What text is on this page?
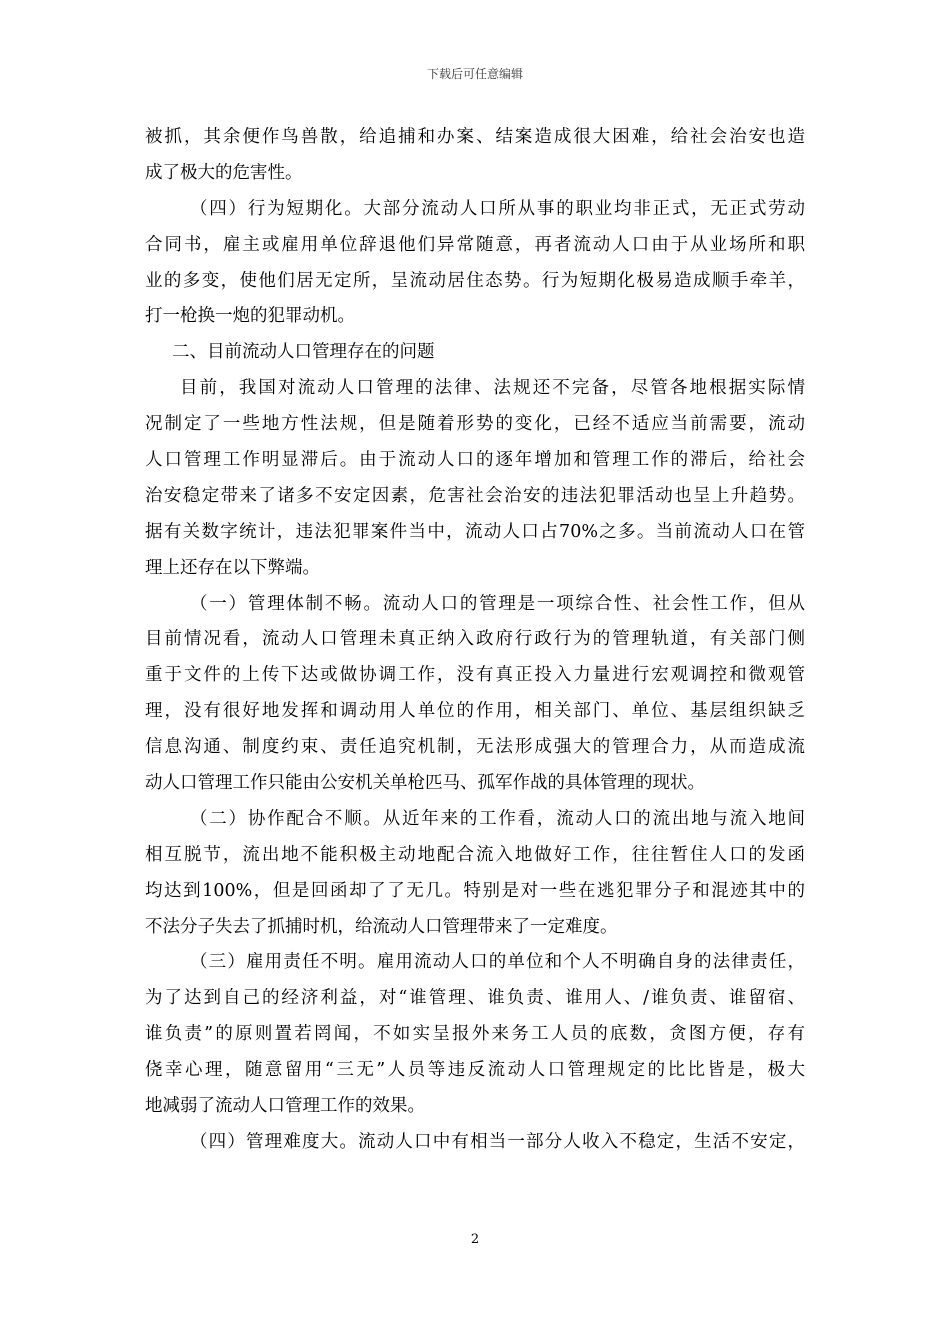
下载后可任意编辑
被抓，其余便作鸟兽散，给追捕和办案、结案造成很大困难，给社会治安也造
成了极大的危害性。
（四）行为短期化。大部分流动人口所从事的职业均非正式，无正式劳动
合同书，雇主或雇用单位辞退他们异常随意，再者流动人口由于从业场所和职
业的多变，使他们居无定所，呈流动居住态势。行为短期化极易造成顺手牵羊，
打一枪换一炮的犯罪动机。
二、目前流动人口管理存在的问题
目前，我国对流动人口管理的法律、法规还不完备，尽管各地根据实际情
况制定了一些地方性法规，但是随着形势的变化，已经不适应当前需要，流动
人口管理工作明显滞后。由于流动人口的逐年增加和管理工作的滞后，给社会
治安稳定带来了诸多不安定因素，危害社会治安的违法犯罪活动也呈上升趋势。
据有关数字统计，违法犯罪案件当中，流动人口占70%之多。当前流动人口在管
理上还存在以下弊端。
（一）管理体制不畅。流动人口的管理是一项综合性、社会性工作，但从
目前情况看，流动人口管理未真正纳入政府行政行为的管理轨道，有关部门侧
重于文件的上传下达或做协调工作，没有真正投入力量进行宏观调控和微观管
理，没有很好地发挥和调动用人单位的作用，相关部门、单位、基层组织缺乏
信息沟通、制度约束、责任追究机制，无法形成强大的管理合力，从而造成流
动人口管理工作只能由公安机关单枪匹马、孤军作战的具体管理的现状。
（二）协作配合不顺。从近年来的工作看，流动人口的流出地与流入地间
相互脱节，流出地不能积极主动地配合流入地做好工作，往往暂住人口的发函
均达到100%，但是回函却了了无几。特别是对一些在逃犯罪分子和混迹其中的
不法分子失去了抓捕时机，给流动人口管理带来了一定难度。
（三）雇用责任不明。雇用流动人口的单位和个人不明确自身的法律责任，
为了达到自己的经济利益，对“谁管理、谁负责、谁用人、/谁负责、谁留宿、
谁负责”的原则置若罔闻，不如实呈报外来务工人员的底数，贪图方便，存有
侥幸心理，随意留用“三无”人员等违反流动人口管理规定的比比皆是，极大
地减弱了流动人口管理工作的效果。
（四）管理难度大。流动人口中有相当一部分人收入不稳定，生活不安定，
2
